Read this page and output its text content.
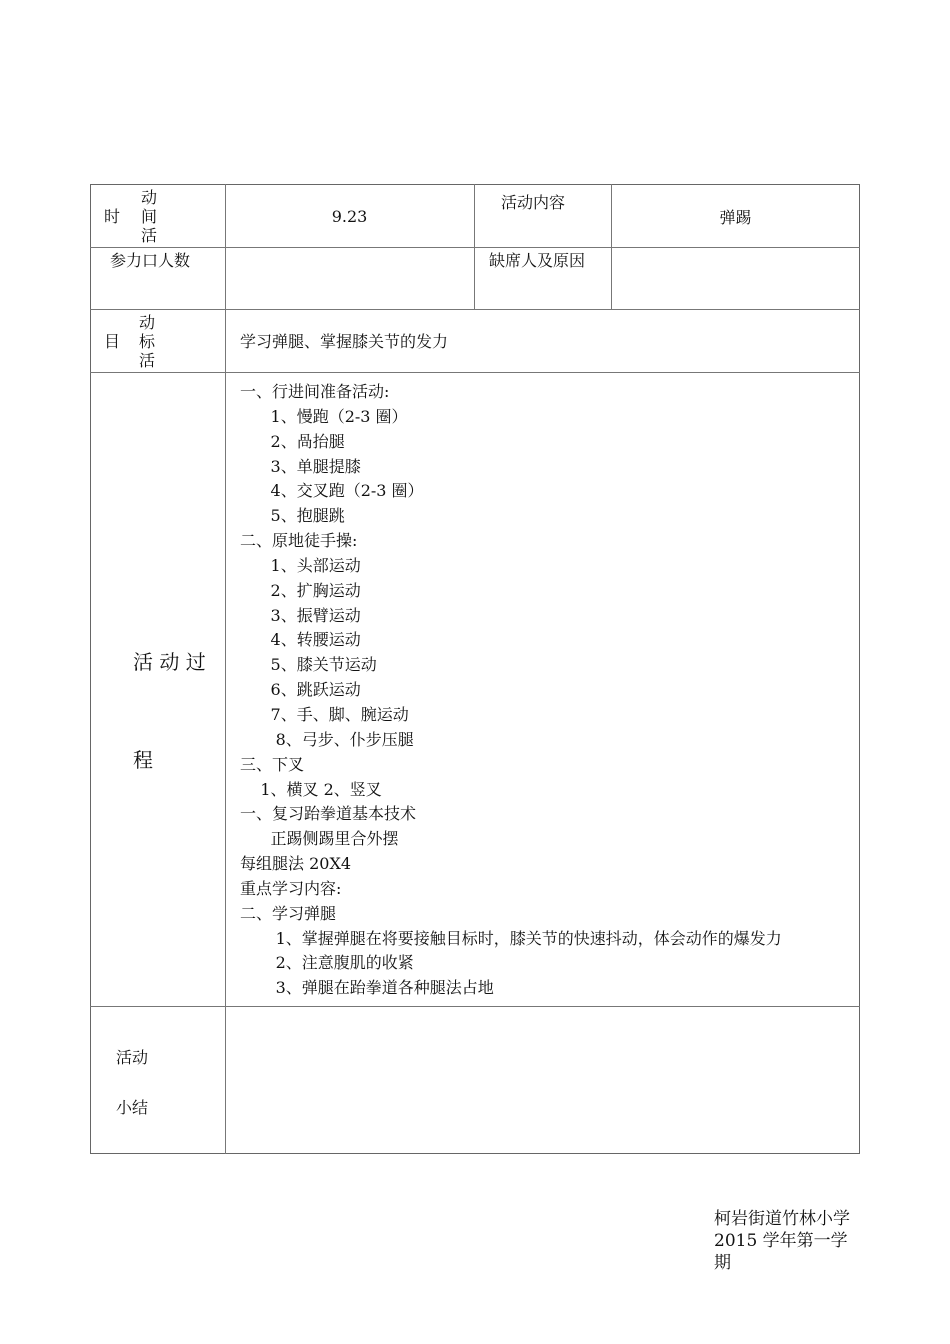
动
时 间
活
9.23
活动内容
弹踢
参力口人数	缺席人及原因
动
目 标
活
学习弹腿、掌握膝关节的发力
活 动 过
程
一、行进间准备活动:
1、慢跑（2-3 圈）
2、咼抬腿
3、单腿提膝
4、交叉跑（2-3 圈）
5、抱腿跳
二、原地徒手操:
1、头部运动
2、扩胸运动
3、振臂运动
4、转腰运动
5、膝关节运动
6、跳跃运动
7、手、脚、腕运动
8、弓步、仆步压腿
三、下叉
1、横叉 2、竖叉
一、复习跆拳道基本技术
正踢侧踢里合外摆
每组腿法 20X4
重点学习内容:
二、学习弹腿
1、掌握弹腿在将要接触目标时，膝关节的快速抖动，体会动作的爆发力
2、注意腹肌的收紧
3、弹腿在跆拳道各种腿法占地
活动
小结
柯岩街道竹林小学
2015 学年第一学期
